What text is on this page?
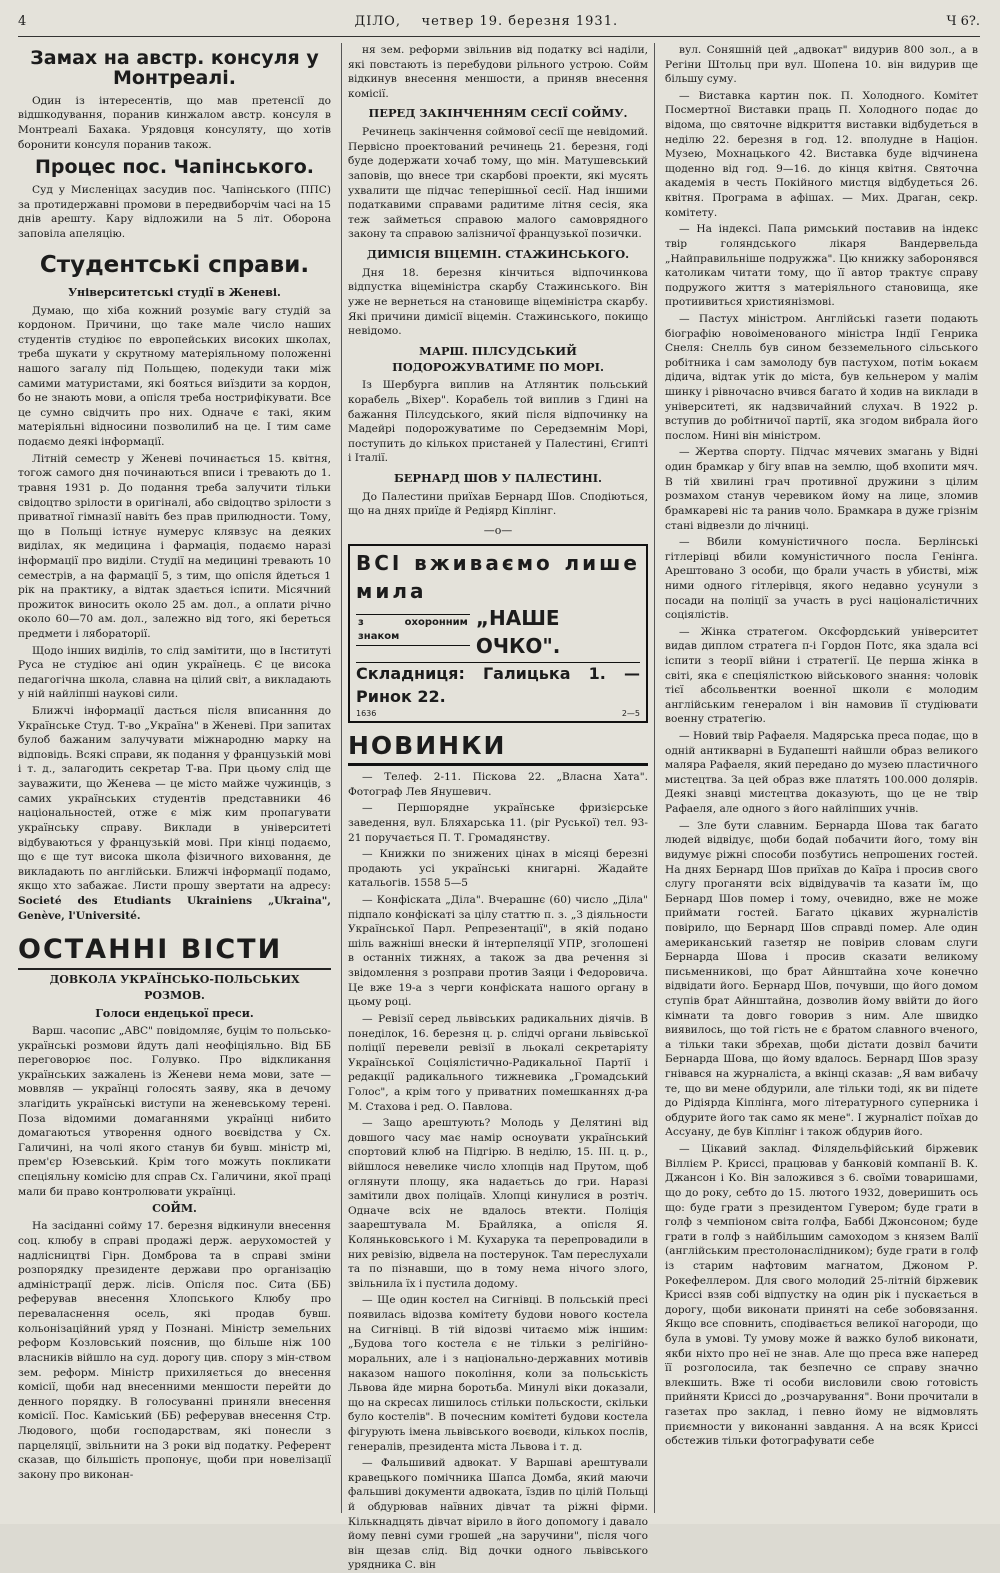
4	ДІЛО, четвер 19. березня 1931.	Ч 6?.
Замах на австр. консуля у Монтреалі.

Один із інтересентів, що мав претенсії до відшкодування, поранив кинжалом австр. консуля в Монтреалі Бахака. Урядовця консуляту, що хотів боронити консуля поранив також.

Процес пос. Чапінського.

Суд у Мисленіцах засудив пос. Чапінського (ППС) за протидержавні промови в передвиборчім часі на 15 днів арешту. Кару відложили на 5 літ. Оборона заповіла апеляцію.

Студентські справи.
Університетські студії в Женеві.

Думаю, що хіба кожний розуміє вагу студій за кордоном. Причини, що таке мале число наших студентів студіює по европейських високих школах, треба шукати у скрутному матеріяльному положенні нашого загалу під Польщею, подекуди таки між самими матуристами, які бояться виїздити за кордон, бо не знають мови, а опісля треба нострифікувати. Все це сумно свідчить про них. Одначе є такі, яким матеріяльні відносини позволилиб на це. І тим саме подаємо деякі інформації.

Літній семестр у Женеві починається 15. квітня, тогож самого дня починаються вписи і тревають до 1. травня 1931 р. До подання треба залучити тільки свідоцтво зрілости в оригіналі, або свідоцтво зрілости з приватної гімназії навіть без прав прилюдности. Тому, що в Польщі істнує нумерус клявзус на деяких виділах, як медицина і фармація, подаємо наразі інформації про виділи. Студії на медицині тревають 10 семестрів, а на фармації 5, з тим, що опісля йдеться 1 рік на практику, а відтак здається іспити. Місячний прожиток виносить около 25 ам. дол., а оплати річно около 60—70 ам. дол., залежно від того, які береться предмети і лябораторії.

Щодо інших виділів, то слід замітити, що в Інституті Руса не студіює ані один українець. Є це висока педагогічна школа, славна на цілий світ, а викладають у ній найліпші наукові сили.

Ближчі інформації дасться після вписанння до Українське Студ. Т-во „Україна" в Женеві. При запитах булоб бажаним залучувати міжнародню марку на відповідь. Всякі справи, як подання у французькій мові і т. д., залагодить секретар Т-ва. При цьому слід ще зауважити, що Женева — це місто майже чужинців, з самих українських студентів представники 46 національностей, отже є між ким пропагувати українську справу. Виклади в університеті відбуваються у французькій мові. При кінці подаємо, що є ще тут висока школа фізичного виховання, де викладають по англійськи. Ближчі інформації подамо, якщо хто забажає. Листи прошу звертати на адресу: Societé des Etudiants Ukrainiens „Ukraina", Genève, l'Université.

ОСТАННІ ВІСТИ
ДОВКОЛА УКРАЇНСЬКО-ПОЛЬСЬКИХ РОЗМОВ.
Голоси ендецької преси.

Варш. часопис „АВС" повідомляє, буцім то польсько-українські розмови йдуть далі неофіціяльно. Від ББ переговорює пос. Голувко. Про відкликання українських зажалень із Женеви нема мови, зате — моввляв — українці голосять заяву, яка в дечому злагідить українські виступи на женевському терені. Поза відомими домаганнями українці нибито домагаються утворення одного воєвідства у Сх. Галичині, на чолі якого станув би бувш. міністр мі, прем'єр Юзевський. Крім того можуть покликати спеціяльну комісію для справ Сх. Галичини, якої праці мали би право контролювати українці.

СОЙМ.

На засіданні сойму 17. березня відкинули внесення соц. клюбу в справі продажі держ. аерухомостей у надлісництві Гірн. Домброва та в справі зміни розпорядку президенте держави про організацію адміністрації держ. лісів. Опісля пос. Сита (ББ) реферував внесення Хлопського Клюбу про переваласнення осель, які продав бувш. кольонізаційний уряд у Познані. Міністр земельних реформ Козловський пояснив, що більше ніж 100 власників війшло на суд. дорогу цив. спору з мін-ством зем. реформ. Міністр прихиляється до внесення комісії, щоби над внесенними меншости перейти до денного порядку. В голосуванні приняли внесення комісії. Пос. Каміський (ББ) реферував внесення Стр. Людового, щоби господарствам, які понесли з парцеляції, звільнити на 3 роки від податку. Референт сказав, що більшість пропонує, щоби при новелізації закону про виконан-

ня зем. реформи звільнив від податку всі наділи, які повстають із перебудови рільного устрою. Сойм відкинув внесення меншости, а приняв внесення комісії.

ПЕРЕД ЗАКІНЧЕННЯМ СЕСІЇ СОЙМУ.

Речинець закінчення соймової сесії ще невідомий. Первісно проектований речинець 21. березня, годі буде додержати хочаб тому, що мін. Матушевський заповів, що внесе три скарбові проекти, які мусять ухвалити ще підчас теперішньої сесії. Над іншими податкавими справами радитиме літня сесія, яка теж займеться справою малого самоврядного закону та справою залізничої французької позички.

ДИМІСІЯ ВІЦЕМІН. СТАЖИНСЬКОГО.

Дня 18. березня кінчиться відпочинкова відпустка віцеміністра скарбу Стажинського. Він уже не вернеться на становище віцеміністра скарбу. Які причини димісії віцемін. Стажинського, покищо невідомо.

МАРШ. ПІЛСУДСЬКИЙ ПОДОРОЖУВАТИМЕ ПО МОРІ.

Із Шербурга виплив на Атлянтик польський корабель „Віхер". Корабель той виплив з Гдині на бажання Пілсудського, який після відпочинку на Мадейрі подорожуватиме по Середземнім Морі, поступить до кількох пристаней у Палестині, Єгипті і Італії.

БЕРНАРД ШОВ У ПАЛЕСТИНІ.

До Палестини приїхав Бернард Шов. Сподіються, що на днях приїде й Редіярд Кіплінг.

—о—
ВСІ вживаємо лише мила
з охоронним знаком
„НАШЕ ОЧКО".
Складниця: Галицька 1. — Ринок 22.
1636	2—5
НОВИНКИ

— Телеф. 2-11. Піскова 22. „Власна Хата". Фотограф Лев Янушевич.

— Першорядне українське фризієрське заведення, вул. Бляхарська 11. (ріг Руської) тел. 93-21 поручається П. Т. Громадянству.

— Книжки по знижених цінах в місяці березні продають усі українські книгарні. Жадайте катальогів. 1558 5—5

— Конфіската „Діла". Вчерашнє (60) число „Діла" підпало конфіскаті за цілу статтю п. з. „З діяльности Української Парл. Репрезентації", в якій подано шіль важніші внески й інтерпеляції УПР, зголошені в останніх тижнях, а також за два речення зі звідомлення з розправи против Заяци і Федоровича. Це вже 19-а з черги конфіската нашого органу в цьому році.

— Ревізії серед львівських радикальних діячів. В понеділок, 16. березня ц. р. слідчі органи львівської поліції перевели ревізії в льокалі секретаріяту Української Соціялістично-Радикальної Партії і редакції радикального тижневика „Громадський Голос", а крім того у приватних помешканнях д-ра М. Стахова і ред. О. Павлова.

— Защо арештують? Молодь у Делятині від довшого часу має намір осноувати український спортовий клюб на Підгірю. В неділю, 15. ІІІ. ц. р., війшлося невелике число хлопців над Прутом, щоб оглянути площу, яка надаєтьсь до гри. Наразі замітили двох поліцаїв. Хлопці кинулися в розтіч. Одначе всіх не вдалось втекти. Поліція заарештувала М. Брайляка, а опісля Я. Коляньковського і М. Кухарука та перепровадили в них ревізію, відвела на постерунок. Там переслухали та по пізнавши, що в тому нема нічого злого, звільнила їх і пустила додому.

— Ще один костел на Сигнівці. В польській пресі появилась відозва комітету будови нового костела на Сигнівці. В тій відозві читаємо між іншим: „Будова того костела є не тільки з релігійно-моральних, але і з національно-державних мотивів наказом нашого покоління, коли за польськість Львова йде мирна боротьба. Минулі віки доказали, що на скресах лишилось стільки польскости, скільки було костелів". В почесним комітеті будови костела фігурують імена львівського воєводи, кількох послів, генералів, президента міста Львова і т. д.

— Фальшивий адвокат. У Варшаві арештували кравецького помічника Шапса Домба, який маючи фальшиві документи адвоката, їздив по цілій Польщі й обдурював наївних дівчат та ріжні фірми. Кількнадцять дівчат вірило в його допомогу і давало йому певні суми грошей „на заручини", після чого він щезав слід. Від дочки одного львівського урядника С. він

вул. Соняшній цей „адвокат" видурив 800 зол., а в Регіни Штольц при вул. Шопена 10. він видурив ще більшу суму.

— Виставка картин пок. П. Холодного. Комітет Посмертної Виставки праць П. Холодного подає до відома, що святочне відкриття виставки відбудеться в неділю 22. березня в год. 12. вполудне в Націон. Музею, Мохнацького 42. Виставка буде відчинена щоденно від год. 9—16. до кінця квітня. Святочна академія в честь Покійного мистця відбудеться 26. квітня. Програма в афішах. — Мих. Драган, секр. комітету.

— На індексі. Папа римський поставив на індекс твір голяндського лікаря Вандервельда „Найправильніше подружжа". Цю книжку заборонявся католикам читати тому, що її автор трактує справу подружого життя з матеріяльного становища, яке протиивиться християнізмові.

— Пастух міністром. Англійські газети подають біографію новоіменованого міністра Індії Генрика Снеля: Снелль був сином безземельного сільського робітника і сам замолоду був пастухом, потім ьокаєм дідича, відтак утік до міста, був кельнером у малім шинку і рівночасно вчився багато й ходив на виклади в університеті, як надзвичайний слухач. В 1922 р. вступив до робітничої партії, яка згодом вибрала його послом. Нині він міністром.

— Жертва спорту. Підчас мячевих змагань у Відні один брамкар у бігу впав на землю, щоб вхопити мяч. В тій хвилині грач противної дружини з цілим розмахом станув черевиком йому на лице, зломив брамкареві ніс та ранив чоло. Брамкара в дуже грізнім стані відвезли до лічниці.

— Вбили комуністичного посла. Берлінські гітлерівці вбили комуністичного посла Генінга. Арештовано 3 особи, що брали участь в убистві, між ними одного гітлерівця, якого недавно усунули з посади на поліції за участь в русі націоналістичних соціялістів.

— Жінка стратегом. Оксфордський університет видав диплом стратега п-і Гордон Потс, яка здала всі іспити з теорії війни і стратегії. Це перша жінка в світі, яка є спеціялісткою військового знання: чоловік тієї абсольвентки военної школи є молодим англійським генералом і він намовив її студіювати военну стратегію.

— Новий твір Рафаеля. Мадярська преса подає, що в одній антикварні в Будапешті найшли образ великого маляра Рафаеля, який передано до музею пластичного мистецтва. За цей образ вже платять 100.000 долярів. Деякі знавці мистецтва доказують, що це не твір Рафаеля, але одного з його найліпших учнів.

— Зле бути славним. Бернарда Шова так багато людей відвідує, щоби бодай побачити його, тому він видумує ріжні способи позбутись непрошених гостей. На днях Бернард Шов приїхав до Каїра і просив свого слугу проганяти всіх відвідувачів та казати їм, що Бернард Шов помер і тому, очевидно, вже не може приймати гостей. Багато цікавих журналістів повірило, що Бернард Шов справді помер. Але один американський газетяр не повірив словам слуги Бернарда Шова і просив сказати великому письменникові, що брат Айнштайна хоче конечно відвідати його. Бернард Шов, почувши, що його домом ступів брат Айнштайна, дозволив йому ввійти до його кімнати та довго говорив з ним. Але швидко виявилось, що той гість не є братом славного вченого, а тільки таки збрехав, щоби дістати дозвіл бачити Бернарда Шова, що йому вдалось. Бернард Шов зразу гнівався на журналіста, а вкінці сказав: „Я вам вибачу те, що ви мене обдурили, але тільки тоді, як ви підете до Рідіярда Кіплінга, мого літературного суперника і обдурите його так само як мене". І журналіст поїхав до Ассуану, де був Кіплінг і також обдурив його.

— Цікавий заклад. Філядельфійський біржевик Віллієм Р. Криссі, працював у банковій компанії В. К. Джансон і Ко. Він заложився з 6. своїми товаришами, що до року, себто до 15. лютого 1932, доверишить ось що: буде грати з президентом Гувером; буде грати в голф з чемпіоном світа голфа, Баббі Джонсоном; буде грати в голф з найбільшим самоходом з князем Валії (англійським престолонаслідником); буде грати в голф із старим нафтовим магнатом, Джоном Р. Рокефеллером. Для свого молодий 25-літній біржевик Криссі взяв собі відпустку на один рік і пускається в дорогу, щоби виконати приняті на себе зобовязання. Якщо все сповнить, сподівається великої нагороди, що була в умові. Ту умову може й важко булоб виконати, якби ніхто про неї не знав. Але що преса вже наперед її розголосила, так безпечно се справу значно влекшить. Вже ті особи висловили свою готовість прийняти Криссі до „розчарування". Вони прочитали в газетах про заклад, і певно йому не відмовлять приємности у виконанні завдання. А на всяк Криссі обстежив тільки фотографувати себе
